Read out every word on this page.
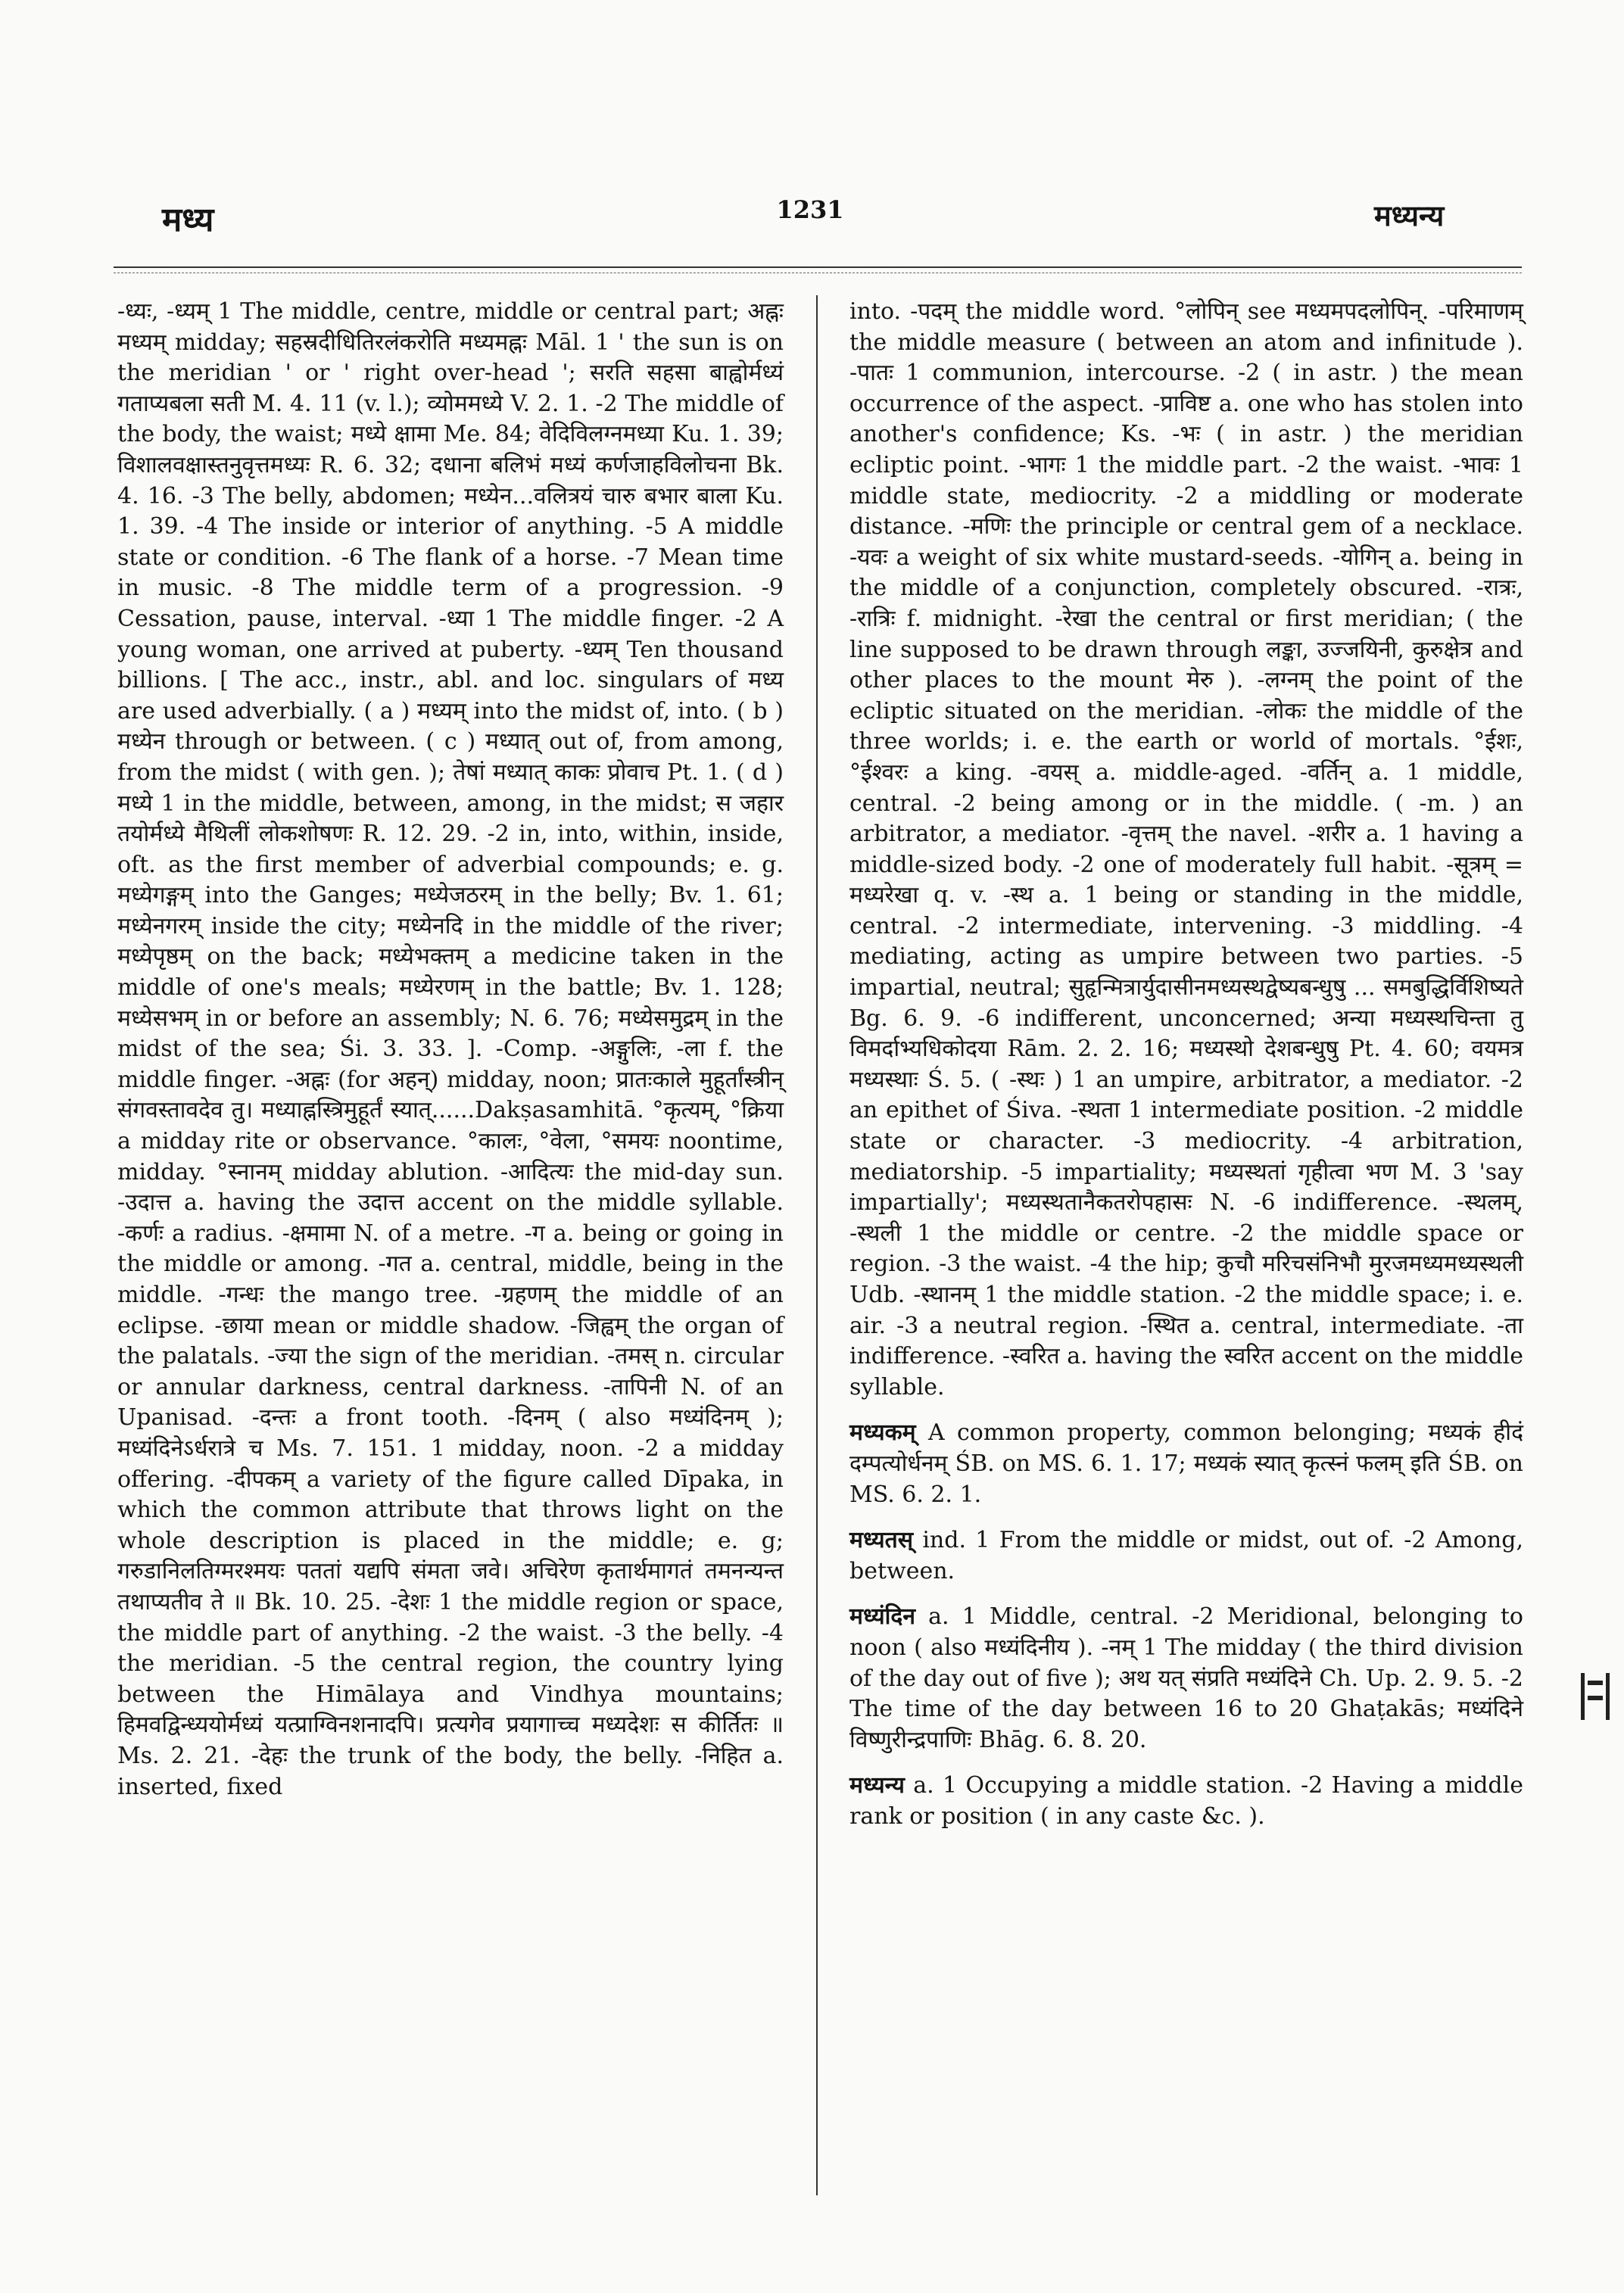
मध्य	1231	मध्यन्य

-ध्यः, -ध्यम् 1 The middle, centre, middle or central part; अह्नः मध्यम् midday; सहस्रदीधितिरलंकरोति मध्यमह्नः Māl. 1 ' the sun is on the meridian ' or ' right over-head '; सरति सहसा बाह्वोर्मध्यं गताप्यबला सती M. 4. 11 (v. l.); व्योममध्ये V. 2. 1. -2 The middle of the body, the waist; मध्ये क्षामा Me. 84; वेदिविलग्नमध्या Ku. 1. 39; विशालवक्षास्तनुवृत्तमध्यः R. 6. 32; दधाना बलिभं मध्यं कर्णजाहविलोचना Bk. 4. 16. -3 The belly, abdomen; मध्येन...वलित्रयं चारु बभार बाला Ku. 1. 39. -4 The inside or interior of anything. -5 A middle state or condition. -6 The flank of a horse. -7 Mean time in music. -8 The middle term of a progression. -9 Cessation, pause, interval. -ध्या 1 The middle finger. -2 A young woman, one arrived at puberty. -ध्यम् Ten thousand billions. [ The acc., instr., abl. and loc. singulars of मध्य are used adverbially. ( a ) मध्यम् into the midst of, into. ( b ) मध्येन through or between. ( c ) मध्यात् out of, from among, from the midst ( with gen. ); तेषां मध्यात् काकः प्रोवाच Pt. 1. ( d ) मध्ये 1 in the middle, between, among, in the midst; स जहार तयोर्मध्ये मैथिलीं लोकशोषणः R. 12. 29. -2 in, into, within, inside, oft. as the first member of adverbial compounds; e. g. मध्येगङ्गम् into the Ganges; मध्येजठरम् in the belly; Bv. 1. 61; मध्येनगरम् inside the city; मध्येनदि in the middle of the river; मध्येपृष्ठम् on the back; मध्येभक्तम् a medicine taken in the middle of one's meals; मध्येरणम् in the battle; Bv. 1. 128; मध्येसभम् in or before an assembly; N. 6. 76; मध्येसमुद्रम् in the midst of the sea; Śi. 3. 33. ]. -Comp. -अङ्गुलिः, -ला f. the middle finger. -अह्नः (for अहन्) midday, noon; प्रातःकाले मुहूर्तांस्त्रीन् संगवस्तावदेव तु। मध्याह्नस्त्रिमुहूर्तं स्यात्......Dakṣasamhitā. °कृत्यम्, °क्रिया a midday rite or observance. °कालः, °वेला, °समयः noontime, midday. °स्नानम् midday ablution. -आदित्यः the mid-day sun. -उदात्त a. having the उदात्त accent on the middle syllable. -कर्णः a radius. -क्षमामा N. of a metre. -ग a. being or going in the middle or among. -गत a. central, middle, being in the middle. -गन्धः the mango tree. -ग्रहणम् the middle of an eclipse. -छाया mean or middle shadow. -जिह्वम् the organ of the palatals. -ज्या the sign of the meridian. -तमस् n. circular or annular darkness, central darkness. -तापिनी N. of an Upanisad. -दन्तः a front tooth. -दिनम् ( also मध्यंदिनम् ); मध्यंदिनेऽर्धरात्रे च Ms. 7. 151. 1 midday, noon. -2 a midday offering. -दीपकम् a variety of the figure called Dīpaka, in which the common attribute that throws light on the whole description is placed in the middle; e. g; गरुडानिलतिग्मरश्मयः पततां यद्यपि संमता जवे। अचिरेण कृतार्थमागतं तमनन्यन्त तथाप्यतीव ते ॥ Bk. 10. 25. -देशः 1 the middle region or space, the middle part of anything. -2 the waist. -3 the belly. -4 the meridian. -5 the central region, the country lying between the Himālaya and Vindhya mountains; हिमवद्विन्ध्ययोर्मध्यं यत्प्राग्विनशनादपि। प्रत्यगेव प्रयागाच्च मध्यदेशः स कीर्तितः ॥ Ms. 2. 21. -देहः the trunk of the body, the belly. -निहित a. inserted, fixed

into. -पदम् the middle word. °लोपिन् see मध्यमपदलोपिन्. -परिमाणम् the middle measure ( between an atom and infinitude ). -पातः 1 communion, intercourse. -2 ( in astr. ) the mean occurrence of the aspect. -प्राविष्ट a. one who has stolen into another's confidence; Ks. -भः ( in astr. ) the meridian ecliptic point. -भागः 1 the middle part. -2 the waist. -भावः 1 middle state, mediocrity. -2 a middling or moderate distance. -मणिः the principle or central gem of a necklace. -यवः a weight of six white mustard-seeds. -योगिन् a. being in the middle of a conjunction, completely obscured. -रात्रः, -रात्रिः f. midnight. -रेखा the central or first meridian; ( the line supposed to be drawn through लङ्का, उज्जयिनी, कुरुक्षेत्र and other places to the mount मेरु ). -लग्नम् the point of the ecliptic situated on the meridian. -लोकः the middle of the three worlds; i. e. the earth or world of mortals. °ईशः, °ईश्वरः a king. -वयस् a. middle-aged. -वर्तिन् a. 1 middle, central. -2 being among or in the middle. ( -m. ) an arbitrator, a mediator. -वृत्तम् the navel. -शरीर a. 1 having a middle-sized body. -2 one of moderately full habit. -सूत्रम् = मध्यरेखा q. v. -स्थ a. 1 being or standing in the middle, central. -2 intermediate, intervening. -3 middling. -4 mediating, acting as umpire between two parties. -5 impartial, neutral; सुहृन्मित्रार्युदासीनमध्यस्थद्वेष्यबन्धुषु ... समबुद्धिर्विशिष्यते Bg. 6. 9. -6 indifferent, unconcerned; अन्या मध्यस्थचिन्ता तु विमर्दाभ्यधिकोदया Rām. 2. 2. 16; मध्यस्थो देशबन्धुषु Pt. 4. 60; वयमत्र मध्यस्थाः Ś. 5. ( -स्थः ) 1 an umpire, arbitrator, a mediator. -2 an epithet of Śiva. -स्थता 1 intermediate position. -2 middle state or character. -3 mediocrity. -4 arbitration, mediatorship. -5 impartiality; मध्यस्थतां गृहीत्वा भण M. 3 'say impartially'; मध्यस्थतानैकतरोपहासः N. -6 indifference. -स्थलम्, -स्थली 1 the middle or centre. -2 the middle space or region. -3 the waist. -4 the hip; कुचौ मरिचसंनिभौ मुरजमध्यमध्यस्थली Udb. -स्थानम् 1 the middle station. -2 the middle space; i. e. air. -3 a neutral region. -स्थित a. central, intermediate. -ता indifference. -स्वरित a. having the स्वरित accent on the middle syllable.

मध्यकम् A common property, common belonging; मध्यकं हीदं दम्पत्योर्धनम् ŚB. on MS. 6. 1. 17; मध्यकं स्यात् कृत्स्नं फलम् इति ŚB. on MS. 6. 2. 1.

मध्यतस् ind. 1 From the middle or midst, out of. -2 Among, between.

मध्यंदिन a. 1 Middle, central. -2 Meridional, belonging to noon ( also मध्यंदिनीय ). -नम् 1 The midday ( the third division of the day out of five ); अथ यत् संप्रति मध्यंदिने Ch. Up. 2. 9. 5. -2 The time of the day between 16 to 20 Ghaṭakās; मध्यंदिने विष्णुरीन्द्रपाणिः Bhāg. 6. 8. 20.

मध्यन्य a. 1 Occupying a middle station. -2 Having a middle rank or position ( in any caste &c. ).
